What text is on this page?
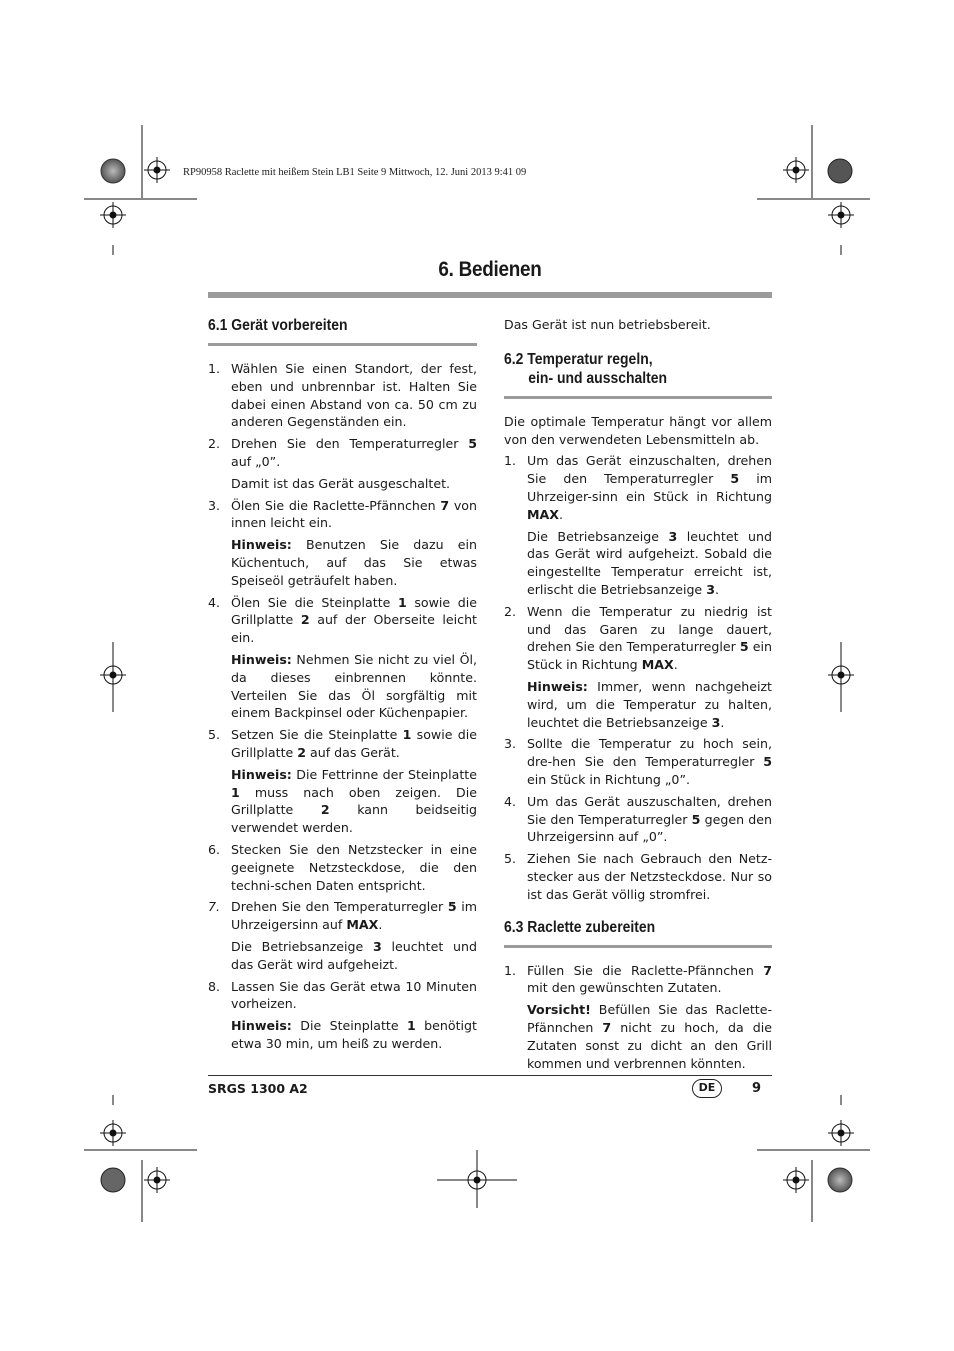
RP90958 Raclette mit heißem Stein LB1 Seite 9 Mittwoch, 12. Juni 2013 9:41 09
6. Bedienen
6.1 Gerät vorbereiten
1. Wählen Sie einen Standort, der fest, eben und unbrennbar ist. Halten Sie dabei einen Abstand von ca. 50 cm zu anderen Gegenständen ein.

2. Drehen Sie den Temperaturregler 5 auf „0”.

Damit ist das Gerät ausgeschaltet.

3. Ölen Sie die Raclette-Pfännchen 7 von innen leicht ein.

Hinweis: Benutzen Sie dazu ein Küchentuch, auf das Sie etwas Speiseöl geträufelt haben.

4. Ölen Sie die Steinplatte 1 sowie die Grillplatte 2 auf der Oberseite leicht ein.

Hinweis: Nehmen Sie nicht zu viel Öl, da dieses einbrennen könnte. Verteilen Sie das Öl sorgfältig mit einem Backpinsel oder Küchenpapier.

5. Setzen Sie die Steinplatte 1 sowie die Grillplatte 2 auf das Gerät.

Hinweis: Die Fettrinne der Steinplatte 1 muss nach oben zeigen. Die Grillplatte 2 kann beidseitig verwendet werden.

6. Stecken Sie den Netzstecker in eine geeignete Netzsteckdose, die den techni-schen Daten entspricht.

7. Drehen Sie den Temperaturregler 5 im Uhrzeigersinn auf MAX.

Die Betriebsanzeige 3 leuchtet und das Gerät wird aufgeheizt.

8. Lassen Sie das Gerät etwa 10 Minuten vorheizen.

Hinweis: Die Steinplatte 1 benötigt etwa 30 min, um heiß zu werden.

Das Gerät ist nun betriebsbereit.

6.2 Temperatur regeln,
ein- und ausschalten

Die optimale Temperatur hängt vor allem von den verwendeten Lebensmitteln ab.

1. Um das Gerät einzuschalten, drehen Sie den Temperaturregler 5 im Uhrzeiger-sinn ein Stück in Richtung MAX.

Die Betriebsanzeige 3 leuchtet und das Gerät wird aufgeheizt. Sobald die eingestellte Temperatur erreicht ist, erlischt die Betriebsanzeige 3.

2. Wenn die Temperatur zu niedrig ist und das Garen zu lange dauert, drehen Sie den Temperaturregler 5 ein Stück in Richtung MAX.

Hinweis: Immer, wenn nachgeheizt wird, um die Temperatur zu halten, leuchtet die Betriebsanzeige 3.

3. Sollte die Temperatur zu hoch sein, dre-hen Sie den Temperaturregler 5 ein Stück in Richtung „0”.

4. Um das Gerät auszuschalten, drehen Sie den Temperaturregler 5 gegen den Uhrzeigersinn auf „0”.

5. Ziehen Sie nach Gebrauch den Netz-stecker aus der Netzsteckdose. Nur so ist das Gerät völlig stromfrei.

6.3 Raclette zubereiten
1. Füllen Sie die Raclette-Pfännchen 7 mit den gewünschten Zutaten.

Vorsicht! Befüllen Sie das Raclette-Pfännchen 7 nicht zu hoch, da die Zutaten sonst zu dicht an den Grill kommen und verbrennen könnten.

SRGS 1300 A2	DE	9
